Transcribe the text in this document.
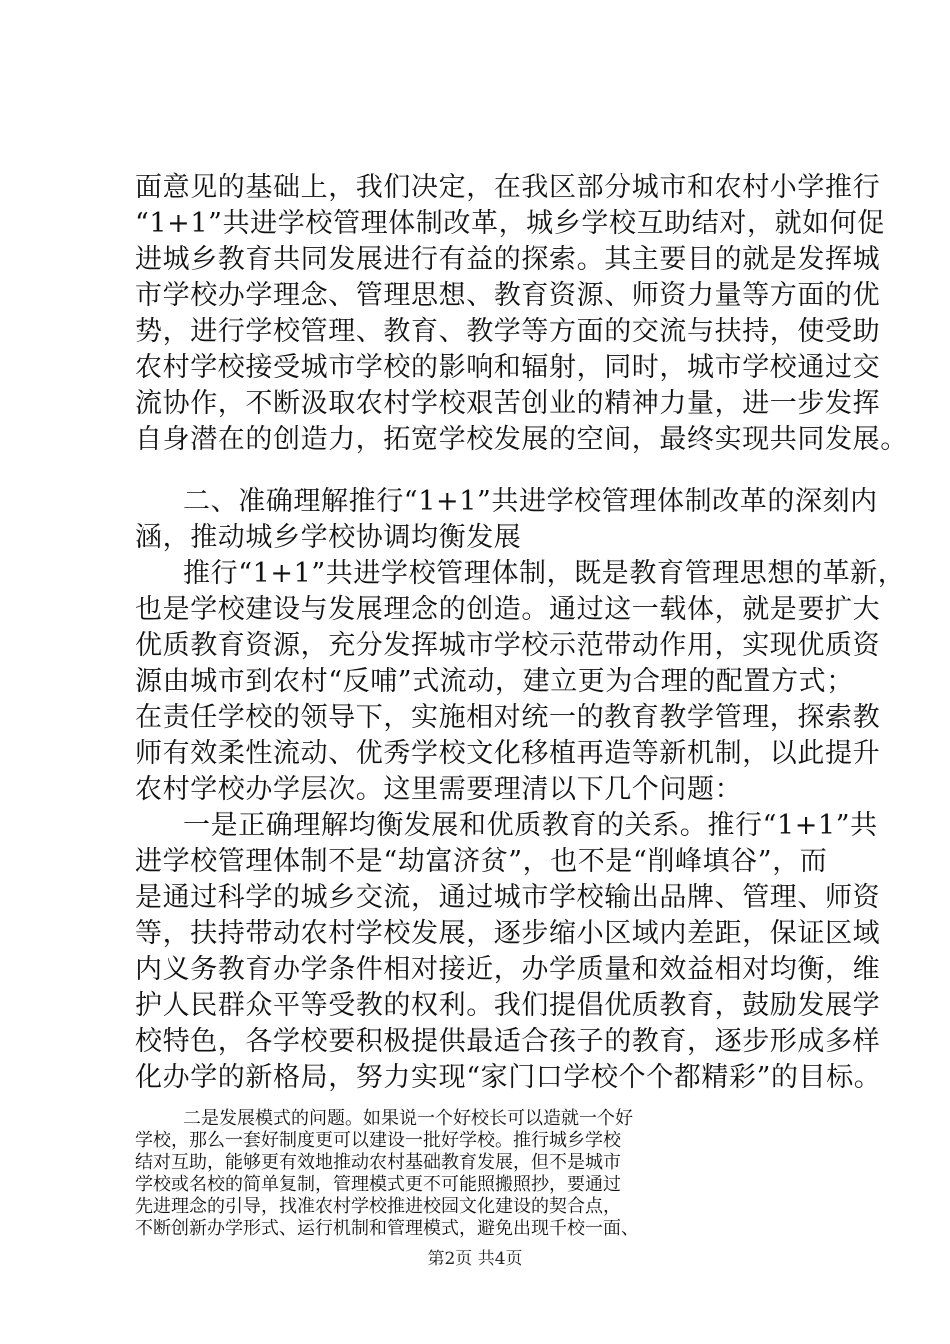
面意见的基础上，我们决定，在我区部分城市和农村小学推行
“1+1”共进学校管理体制改革，城乡学校互助结对，就如何促
进城乡教育共同发展进行有益的探索。其主要目的就是发挥城
市学校办学理念、管理思想、教育资源、师资力量等方面的优
势，进行学校管理、教育、教学等方面的交流与扶持，使受助
农村学校接受城市学校的影响和辐射，同时，城市学校通过交
流协作，不断汲取农村学校艰苦创业的精神力量，进一步发挥
自身潜在的创造力，拓宽学校发展的空间，最终实现共同发展。
二、准确理解推行“1+1”共进学校管理体制改革的深刻内
涵，推动城乡学校协调均衡发展
推行“1+1”共进学校管理体制，既是教育管理思想的革新，
也是学校建设与发展理念的创造。通过这一载体，就是要扩大
优质教育资源，充分发挥城市学校示范带动作用，实现优质资
源由城市到农村“反哺”式流动，建立更为合理的配置方式；
在责任学校的领导下，实施相对统一的教育教学管理，探索教
师有效柔性流动、优秀学校文化移植再造等新机制，以此提升
农村学校办学层次。这里需要理清以下几个问题：
一是正确理解均衡发展和优质教育的关系。推行“1+1”共
进学校管理体制不是“劫富济贫”，也不是“削峰填谷”，而
是通过科学的城乡交流，通过城市学校输出品牌、管理、师资
等，扶持带动农村学校发展，逐步缩小区域内差距，保证区域
内义务教育办学条件相对接近，办学质量和效益相对均衡，维
护人民群众平等受教的权利。我们提倡优质教育，鼓励发展学
校特色，各学校要积极提供最适合孩子的教育，逐步形成多样
化办学的新格局，努力实现“家门口学校个个都精彩”的目标。
二是发展模式的问题。如果说一个好校长可以造就一个好
学校，那么一套好制度更可以建设一批好学校。推行城乡学校
结对互助，能够更有效地推动农村基础教育发展，但不是城市
学校或名校的简单复制，管理模式更不可能照搬照抄，要通过
先进理念的引导，找准农村学校推进校园文化建设的契合点，
不断创新办学形式、运行机制和管理模式，避免出现千校一面、
第2页 共4页
